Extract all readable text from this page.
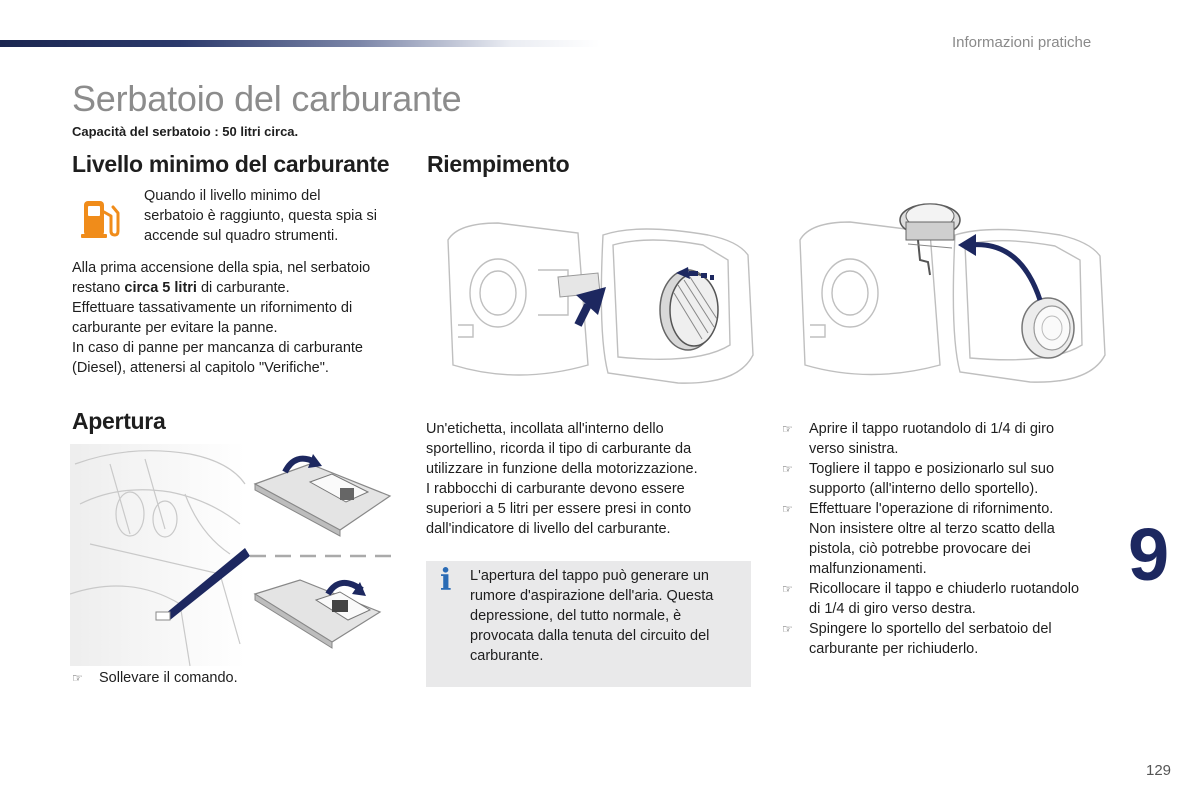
Informazioni pratiche
Serbatoio del carburante
Capacità del serbatoio : 50 litri circa.
Livello minimo del carburante
Quando il livello minimo del
serbatoio è raggiunto, questa spia si
accende sul quadro strumenti.
Alla prima accensione della spia, nel serbatoio
restano circa 5 litri di carburante.
Effettuare tassativamente un rifornimento di
carburante per evitare la panne.
In caso di panne per mancanza di carburante
(Diesel), attenersi al capitolo "Verifiche".
Apertura
☞ Sollevare il comando.
Riempimento
Un'etichetta, incollata all'interno dello
sportellino, ricorda il tipo di carburante da
utilizzare in funzione della motorizzazione.
I rabbocchi di carburante devono essere
superiori a 5 litri per essere presi in conto
dall'indicatore di livello del carburante.
i L'apertura del tappo può generare un
rumore d'aspirazione dell'aria. Questa
depressione, del tutto normale, è
provocata dalla tenuta del circuito del
carburante.
☞ Aprire il tappo ruotandolo di 1/4 di giro
verso sinistra.
☞ Togliere il tappo e posizionarlo sul suo
supporto (all'interno dello sportello).
☞ Effettuare l'operazione di rifornimento.
Non insistere oltre al terzo scatto della
pistola, ciò potrebbe provocare dei
malfunzionamenti.
☞ Ricollocare il tappo e chiuderlo ruotandolo
di 1/4 di giro verso destra.
☞ Spingere lo sportello del serbatoio del
carburante per richiuderlo.
9
129
